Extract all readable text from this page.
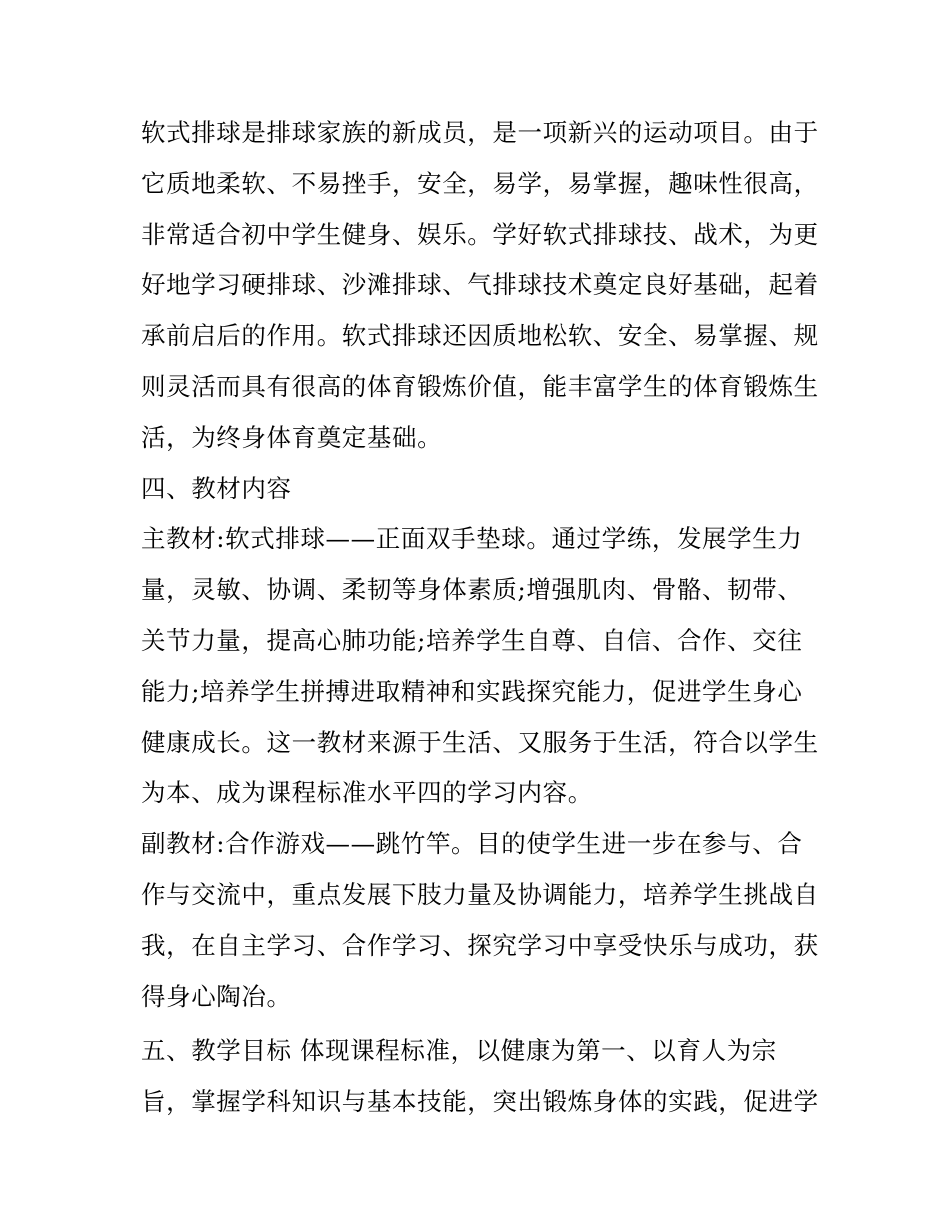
软式排球是排球家族的新成员，是一项新兴的运动项目。由于
它质地柔软、不易挫手，安全，易学，易掌握，趣味性很高，
非常适合初中学生健身、娱乐。学好软式排球技、战术，为更
好地学习硬排球、沙滩排球、气排球技术奠定良好基础，起着
承前启后的作用。软式排球还因质地松软、安全、易掌握、规
则灵活而具有很高的体育锻炼价值，能丰富学生的体育锻炼生
活，为终身体育奠定基础。
四、教材内容
主教材:软式排球——正面双手垫球。通过学练，发展学生力
量，灵敏、协调、柔韧等身体素质;增强肌肉、骨骼、韧带、
关节力量，提高心肺功能;培养学生自尊、自信、合作、交往
能力;培养学生拼搏进取精神和实践探究能力，促进学生身心
健康成长。这一教材来源于生活、又服务于生活，符合以学生
为本、成为课程标准水平四的学习内容。
副教材:合作游戏——跳竹竿。目的使学生进一步在参与、合
作与交流中，重点发展下肢力量及协调能力，培养学生挑战自
我，在自主学习、合作学习、探究学习中享受快乐与成功，获
得身心陶冶。
五、教学目标 体现课程标准，以健康为第一、以育人为宗
旨，掌握学科知识与基本技能，突出锻炼身体的实践，促进学
